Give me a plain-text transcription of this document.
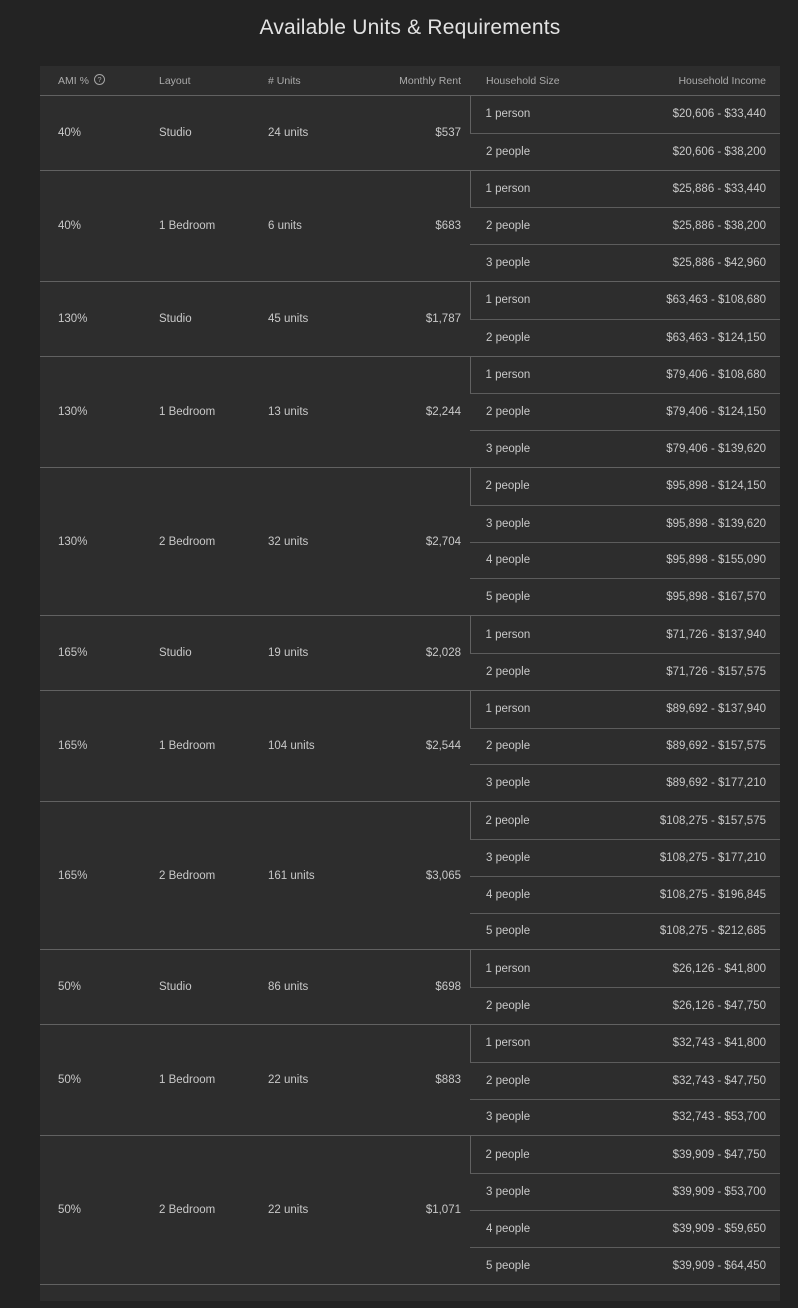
Available Units & Requirements
AMI %	?	Layout	# Units	Monthly Rent	Household Size	Household Income
40%	Studio	24 units	$537
1 person	$20,606 - $33,440
2 people	$20,606 - $38,200
40%	1 Bedroom	6 units	$683
1 person	$25,886 - $33,440
2 people	$25,886 - $38,200
3 people	$25,886 - $42,960
130%	Studio	45 units	$1,787
1 person	$63,463 - $108,680
2 people	$63,463 - $124,150
130%	1 Bedroom	13 units	$2,244
1 person	$79,406 - $108,680
2 people	$79,406 - $124,150
3 people	$79,406 - $139,620
130%	2 Bedroom	32 units	$2,704
2 people	$95,898 - $124,150
3 people	$95,898 - $139,620
4 people	$95,898 - $155,090
5 people	$95,898 - $167,570
165%	Studio	19 units	$2,028
1 person	$71,726 - $137,940
2 people	$71,726 - $157,575
165%	1 Bedroom	104 units	$2,544
1 person	$89,692 - $137,940
2 people	$89,692 - $157,575
3 people	$89,692 - $177,210
165%	2 Bedroom	161 units	$3,065
2 people	$108,275 - $157,575
3 people	$108,275 - $177,210
4 people	$108,275 - $196,845
5 people	$108,275 - $212,685
50%	Studio	86 units	$698
1 person	$26,126 - $41,800
2 people	$26,126 - $47,750
50%	1 Bedroom	22 units	$883
1 person	$32,743 - $41,800
2 people	$32,743 - $47,750
3 people	$32,743 - $53,700
50%	2 Bedroom	22 units	$1,071
2 people	$39,909 - $47,750
3 people	$39,909 - $53,700
4 people	$39,909 - $59,650
5 people	$39,909 - $64,450
